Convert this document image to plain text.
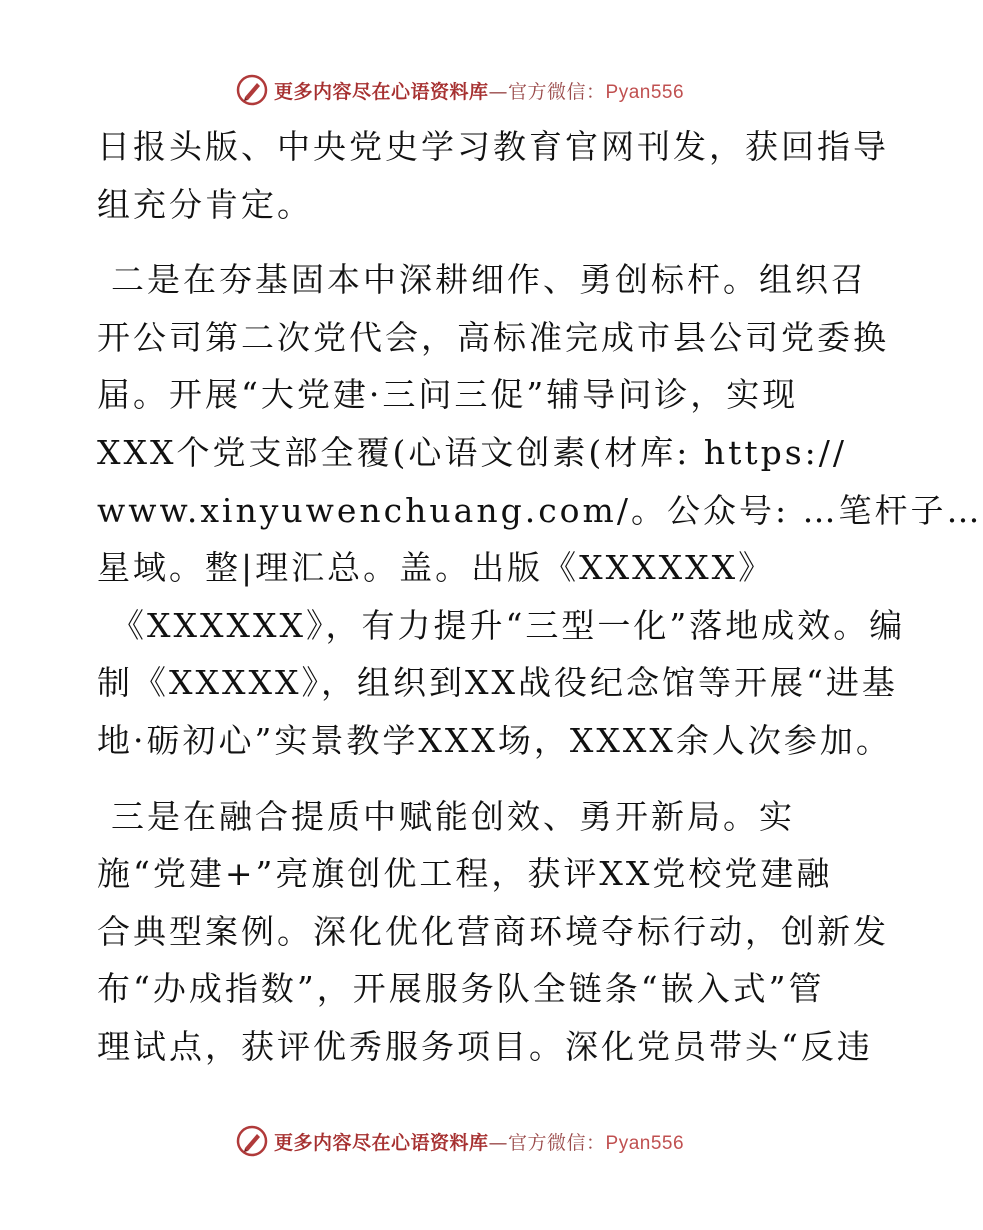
更多内容尽在心语资料库—官方微信：Pyan556
日报头版、中央党史学习教育官网刊发，获回指导
组充分肯定。
二是在夯基固本中深耕细作、勇创标杆。组织召
开公司第二次党代会，高标准完成市县公司党委换
届。开展“大党建·三问三促”辅导问诊，实现
XXX个党支部全覆(心语文创素(材库: https://
www.xinyuwenchuang.com/。公众号: …笔杆子…
星域。整|理汇总。盖。出版《XXXXXX》
《XXXXXX》，有力提升“三型一化”落地成效。编
制《XXXXX》，组织到XX战役纪念馆等开展“进基
地·砺初心”实景教学XXX场，XXXX余人次参加。
三是在融合提质中赋能创效、勇开新局。实
施“党建+”亮旗创优工程，获评XX党校党建融
合典型案例。深化优化营商环境夺标行动，创新发
布“办成指数”，开展服务队全链条“嵌入式”管
理试点，获评优秀服务项目。深化党员带头“反违
更多内容尽在心语资料库—官方微信：Pyan556
